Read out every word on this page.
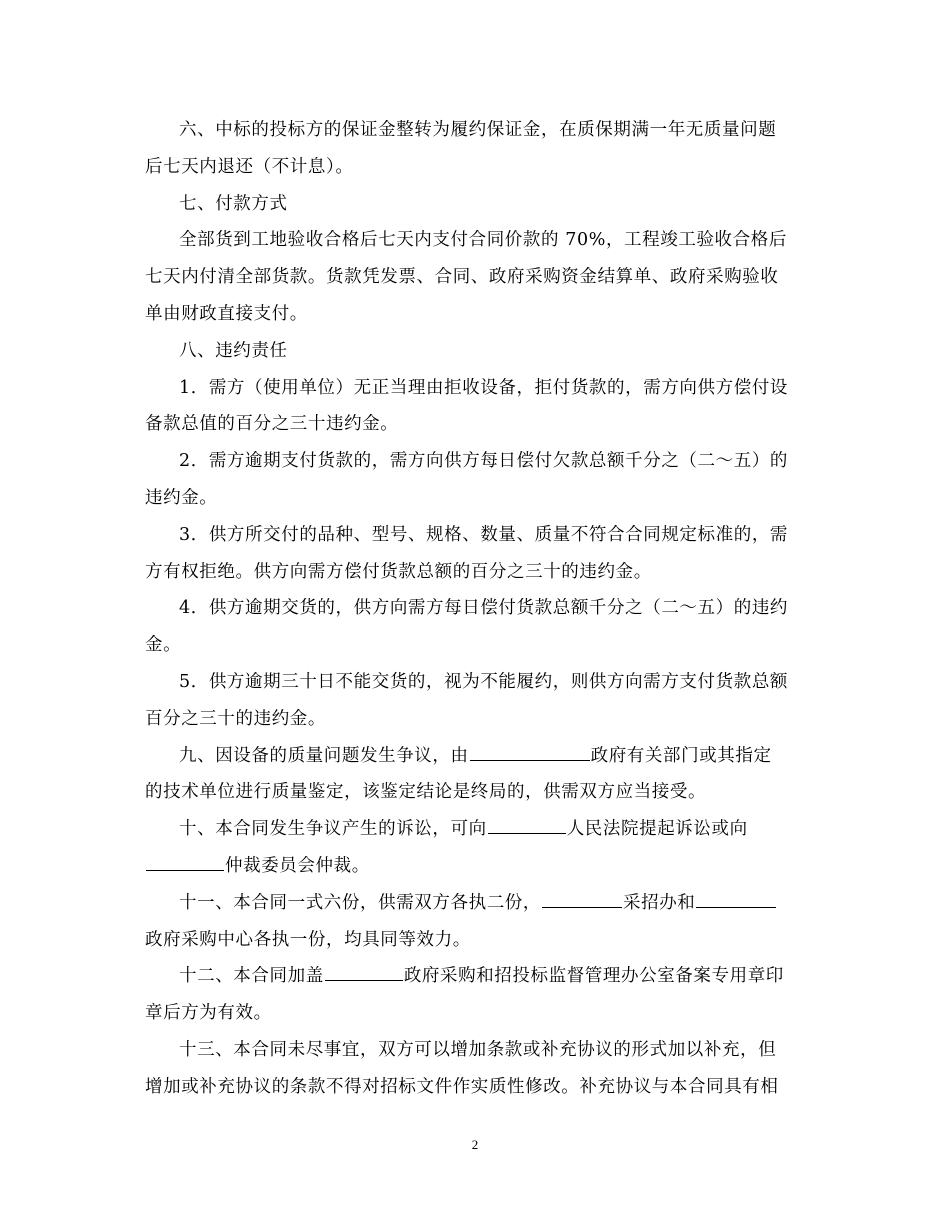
六、中标的投标方的保证金整转为履约保证金，在质保期满一年无质量问题
后七天内退还（不计息）。
七、付款方式
全部货到工地验收合格后七天内支付合同价款的 70%，工程竣工验收合格后
七天内付清全部货款。货款凭发票、合同、政府采购资金结算单、政府采购验收
单由财政直接支付。
八、违约责任
1．需方（使用单位）无正当理由拒收设备，拒付货款的，需方向供方偿付设
备款总值的百分之三十违约金。
2．需方逾期支付货款的，需方向供方每日偿付欠款总额千分之（二～五）的
违约金。
3．供方所交付的品种、型号、规格、数量、质量不符合合同规定标准的，需
方有权拒绝。供方向需方偿付货款总额的百分之三十的违约金。
4．供方逾期交货的，供方向需方每日偿付货款总额千分之（二～五）的违约
金。
5．供方逾期三十日不能交货的，视为不能履约，则供方向需方支付货款总额
百分之三十的违约金。
九、因设备的质量问题发生争议，由	政府有关部门或其指定
的技术单位进行质量鉴定，该鉴定结论是终局的，供需双方应当接受。
十、本合同发生争议产生的诉讼，可向	人民法院提起诉讼或向
仲裁委员会仲裁。
十一、本合同一式六份，供需双方各执二份，	采招办和
政府采购中心各执一份，均具同等效力。
十二、本合同加盖	政府采购和招投标监督管理办公室备案专用章印
章后方为有效。
十三、本合同未尽事宜，双方可以增加条款或补充协议的形式加以补充，但
增加或补充协议的条款不得对招标文件作实质性修改。补充协议与本合同具有相
2
